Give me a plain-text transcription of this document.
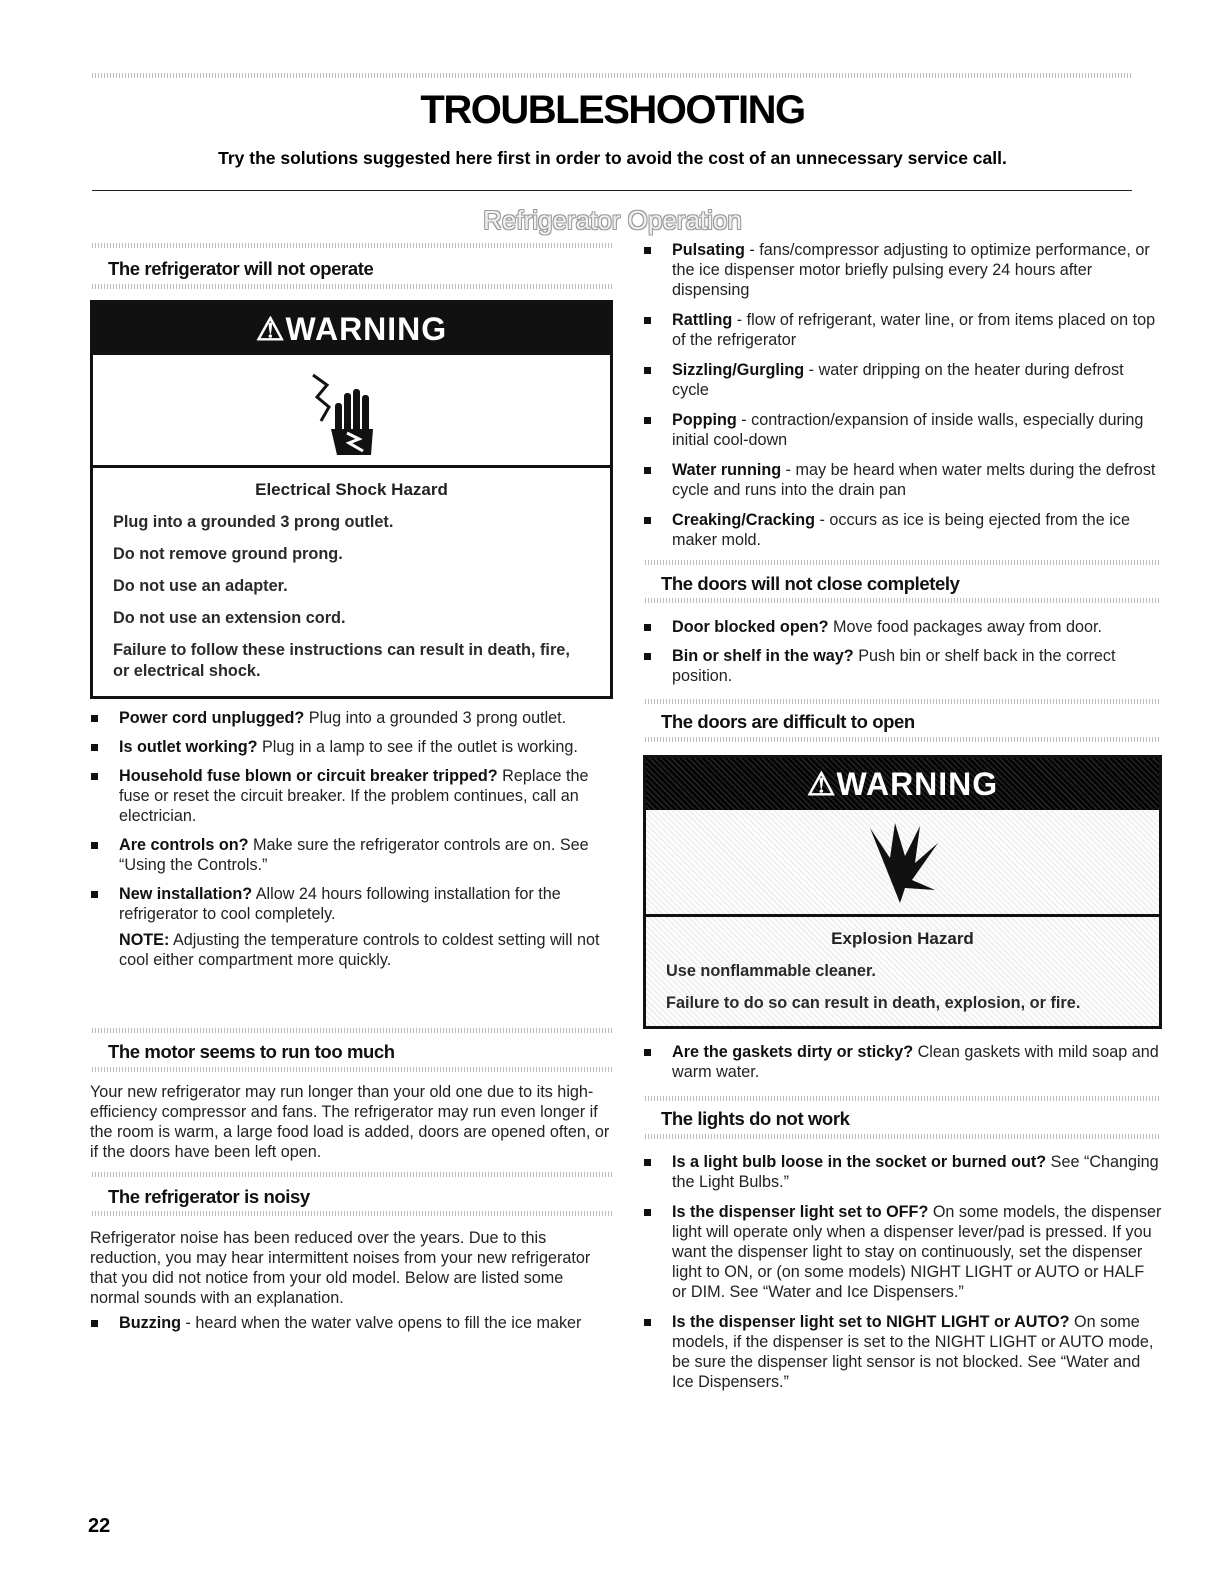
TROUBLESHOOTING
Try the solutions suggested here first in order to avoid the cost of an unnecessary service call.
Refrigerator Operation
The refrigerator will not operate
⚠WARNING
Electrical Shock Hazard

Plug into a grounded 3 prong outlet.

Do not remove ground prong.

Do not use an adapter.

Do not use an extension cord.

Failure to follow these instructions can result in death, fire, or electrical shock.

Power cord unplugged? Plug into a grounded 3 prong outlet.
Is outlet working? Plug in a lamp to see if the outlet is working.
Household fuse blown or circuit breaker tripped? Replace the fuse or reset the circuit breaker. If the problem continues, call an electrician.
Are controls on? Make sure the refrigerator controls are on. See “Using the Controls.”
New installation? Allow 24 hours following installation for the refrigerator to cool completely.
NOTE: Adjusting the temperature controls to coldest setting will not cool either compartment more quickly.
The motor seems to run too much
Your new refrigerator may run longer than your old one due to its high-efficiency compressor and fans. The refrigerator may run even longer if the room is warm, a large food load is added, doors are opened often, or if the doors have been left open.
The refrigerator is noisy
Refrigerator noise has been reduced over the years. Due to this reduction, you may hear intermittent noises from your new refrigerator that you did not notice from your old model. Below are listed some normal sounds with an explanation.
Buzzing - heard when the water valve opens to fill the ice maker
Pulsating - fans/compressor adjusting to optimize performance, or the ice dispenser motor briefly pulsing every 24 hours after dispensing
Rattling - flow of refrigerant, water line, or from items placed on top of the refrigerator
Sizzling/Gurgling - water dripping on the heater during defrost cycle
Popping - contraction/expansion of inside walls, especially during initial cool-down
Water running - may be heard when water melts during the defrost cycle and runs into the drain pan
Creaking/Cracking - occurs as ice is being ejected from the ice maker mold.
The doors will not close completely
Door blocked open? Move food packages away from door.
Bin or shelf in the way? Push bin or shelf back in the correct position.
The doors are difficult to open
⚠WARNING
Explosion Hazard

Use nonflammable cleaner.

Failure to do so can result in death, explosion, or fire.

Are the gaskets dirty or sticky? Clean gaskets with mild soap and warm water.
The lights do not work
Is a light bulb loose in the socket or burned out? See “Changing the Light Bulbs.”
Is the dispenser light set to OFF? On some models, the dispenser light will operate only when a dispenser lever/pad is pressed. If you want the dispenser light to stay on continuously, set the dispenser light to ON, or (on some models) NIGHT LIGHT or AUTO or HALF or DIM. See “Water and Ice Dispensers.”
Is the dispenser light set to NIGHT LIGHT or AUTO? On some models, if the dispenser is set to the NIGHT LIGHT or AUTO mode, be sure the dispenser light sensor is not blocked. See “Water and Ice Dispensers.”
22
